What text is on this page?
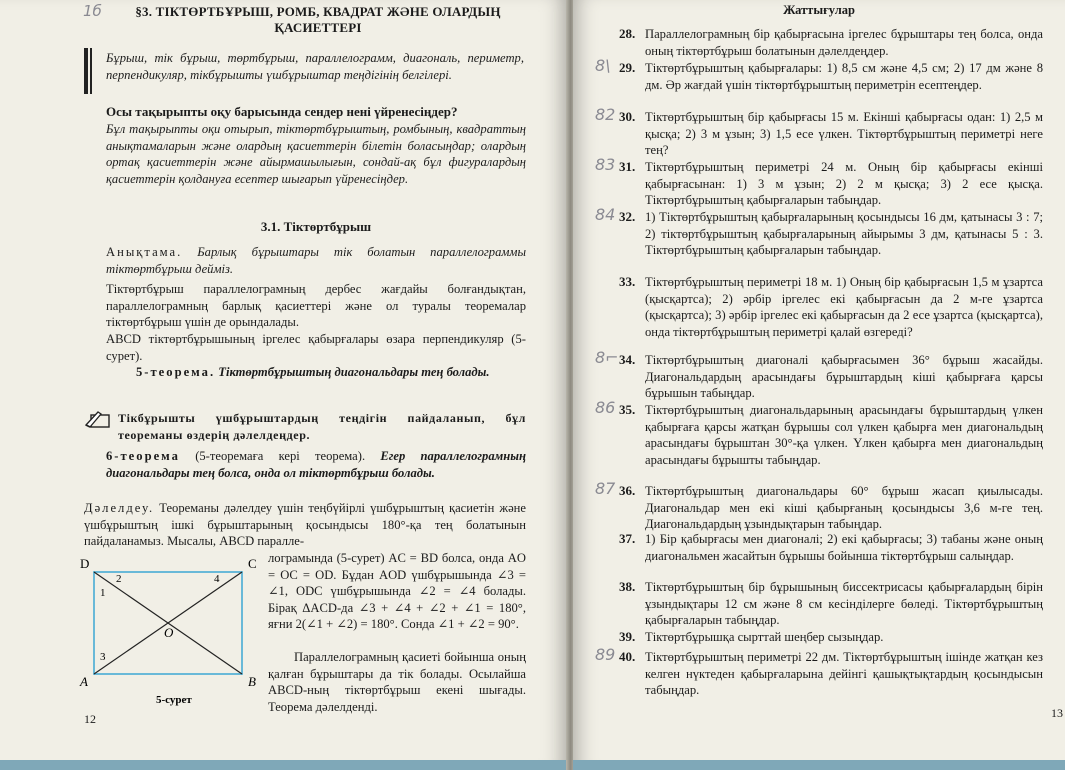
1б	§3. ТІКТӨРТБҰРЫШ, РОМБ, КВАДРАТ ЖӘНЕ ОЛАРДЫҢ ҚАСИЕТТЕРІ
Бұрыш, тік бұрыш, төртбұрыш, параллелограмм, диагональ, периметр, перпендикуляр, тікбұрышты үшбұрыштар теңдігінің белгілері.
Осы тақырыпты оқу барысында сендер нені үйренесіңдер?
Бұл тақырыпты оқи отырып, тіктөртбұрыштың, ромбының, квадраттың анықтамаларын және олардың қасиеттерін білетін боласыңдар; олардың ортақ қасиеттерін және айырмашылығын, сондай-ақ бұл фигуралардың қасиеттерін қолдануға есептер шығарып үйренесіңдер.
3.1. Тіктөртбұрыш
Анықтама. Барлық бұрыштары тік болатын параллелограммы тіктөртбұрыш дейміз.
Тіктөртбұрыш параллелограмның дербес жағдайы болғандықтан, параллелограмның барлық қасиеттері және ол туралы теоремалар тіктөртбұрыш үшін де орындалады.
ABCD тіктөртбұрышының іргелес қабырғалары өзара перпендикуляр (5-сурет).
5-теорема. Тіктөртбұрыштың диагональдары тең болады.
Тікбұрышты үшбұрыштардың теңдігін пайдаланып, бұл теореманы өздерің дәлелдеңдер.
6-теорема (5-теоремаға кері теорема). Егер параллелограмның диагональдары тең болса, онда ол тіктөртбұрыш болады.
Дәлелдеу. Теореманы дәлелдеу үшін теңбүйірлі үшбұрыштың қасиетін және үшбұрыштың ішкі бұрыштарының қосындысы 180°-қа тең болатынын пайдаланамыз. Мысалы, ABCD паралле-
лограмында (5-сурет) AC = BD болса, онда AO = OC = OD. Бұдан AOD үшбұрышында ∠3 = ∠1, ODC үшбұрышында ∠2 = ∠4 болады. Бірақ ΔACD-да ∠3 + ∠4 + ∠2 + ∠1 = 180°, яғни 2(∠1 + ∠2) = 180°. Сонда ∠1 + ∠2 = 90°.
Параллелограмның қасиеті бойынша оның қалған бұрыштары да тік болады. Осылайша ABCD-ның тіктөртбұрыш екені шығады. Теорема дәлелденді.
D	C
A	B
O
1
2
3
4
5-сурет
12
Жаттығулар
28. Параллелограмның бір қабырғасына іргелес бұрыштары тең болса, онда оның тіктөртбұрыш болатынын дәлелдеңдер.
29.
8\	Тіктөртбұрыштың қабырғалары: 1) 8,5 см және 4,5 см; 2) 17 дм және 8 дм. Әр жағдай үшін тіктөртбұрыштың периметрін есептеңдер.
30.
82 Тіктөртбұрыштың бір қабырғасы 15 м. Екінші қабырғасы одан: 1) 2,5 м қысқа; 2) 3 м ұзын; 3) 1,5 есе үлкен. Тіктөртбұрыштың периметрі неге тең?
31.
83 Тіктөртбұрыштың периметрі 24 м. Оның бір қабырғасы екінші қабырғасынан: 1) 3 м ұзын; 2) 2 м қысқа; 3) 2 есе қысқа. Тіктөртбұрыштың қабырғаларын табыңдар.
32.
84 1) Тіктөртбұрыштың қабырғаларының қосындысы 16 дм, қатынасы 3 : 7; 2) тіктөртбұрыштың қабырғаларының айырымы 3 дм, қатынасы 5 : 3. Тіктөртбұрыштың қабырғаларын табыңдар.
33. Тіктөртбұрыштың периметрі 18 м. 1) Оның бір қабырғасын 1,5 м ұзартса (қысқартса); 2) әрбір іргелес екі қабырғасын да 2 м-ге ұзартса (қысқартса); 3) әрбір іргелес екі қабырғасын да 2 есе ұзартса (қысқартса), онда тіктөртбұрыштың периметрі қалай өзгереді?
34.
8⌐ Тіктөртбұрыштың диагоналі қабырғасымен 36° бұрыш жасайды. Диагональдардың арасындағы бұрыштардың кіші қабырғаға қарсы бұрышын табыңдар.
35.
86 Тіктөртбұрыштың диагональдарының арасындағы бұрыштардың үлкен қабырғаға қарсы жатқан бұрышы сол үлкен қабырға мен диагональдың арасындағы бұрыштан 30°-қа үлкен. Үлкен қабырға мен диагональдың арасындағы бұрышты табыңдар.
36.
87 Тіктөртбұрыштың диагональдары 60° бұрыш жасап қиылысады. Диагональдар мен екі кіші қабырғаның қосындысы 3,6 м-ге тең. Диагональдардың ұзындықтарын табыңдар.
37. 1) Бір қабырғасы мен диагоналі; 2) екі қабырғасы; 3) табаны және оның диагональмен жасайтын бұрышы бойынша тіктөртбұрыш салыңдар.
38. Тіктөртбұрыштың бір бұрышының биссектрисасы қабырғалардың бірін ұзындықтары 12 см және 8 см кесінділерге бөледі. Тіктөртбұрыштың қабырғаларын табыңдар.
39. Тіктөртбұрышқа сырттай шеңбер сызыңдар.
40.
89 Тіктөртбұрыштың периметрі 22 дм. Тіктөртбұрыштың ішінде жатқан кез келген нүктеден қабырғаларына дейінгі қашықтықтардың қосындысын табыңдар.
13
